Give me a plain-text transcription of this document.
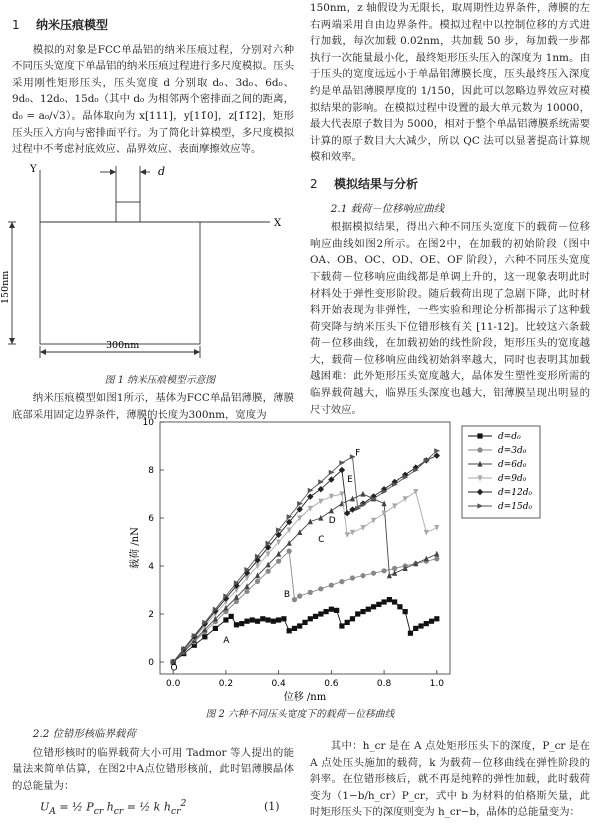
1 纳米压痕模型

模拟的对象是FCC单晶铝的纳米压痕过程，分别对六种不同压头宽度下单晶铝的纳米压痕过程进行多尺度模拟。压头采用刚性矩形压头，压头宽度 d 分别取 d₀、3d₀、6d₀、9d₀、12d₀、15d₀（其中 d₀ 为相邻两个密排面之间的距离，d₀ = a₀/√3）。晶体取向为 x[111]，y[11̄0]，z[1̄1̄2]，矩形压头压入方向与密排面平行。为了简化计算模型，多尺度模拟过程中不考虑衬底效应、晶界效应、表面摩擦效应等。

Y
X
d
150nm
300nm
图 1 纳米压痕模型示意图

纳米压痕模型如图1所示，基体为FCC单晶铝薄膜，薄膜底部采用固定边界条件，薄膜的长度为300nm，宽度为

150nm，z 轴假设为无限长，取周期性边界条件，薄膜的左右两端采用自由边界条件。模拟过程中以控制位移的方式进行加载，每次加载 0.02nm，共加载 50 步，每加载一步都执行一次能量最小化，最终矩形压头压入的深度为 1nm。由于压头的宽度远远小于单晶铝薄膜长度，压头最终压入深度约是单晶铝薄膜厚度的 1/150，因此可以忽略边界效应对模拟结果的影响。在模拟过程中设置的最大单元数为 10000，最大代表原子数目为 5000，相对于整个单晶铝薄膜系统需要计算的原子数目大大减少，所以 QC 法可以显著提高计算规模和效率。

2 模拟结果与分析
2.1 载荷－位移响应曲线

根据模拟结果，得出六种不同压头宽度下的载荷－位移响应曲线如图2所示。在图2中，在加载的初始阶段（图中 OA、OB、OC、OD、OE、OF 阶段），六种不同压头宽度下载荷－位移响应曲线都是单调上升的，这一现象表明此时材料处于弹性变形阶段。随后载荷出现了急剧下降，此时材料开始表现为非弹性，一些实验和理论分析都揭示了这种载荷突降与纳米压头下位错形核有关 [11-12]。比较这六条载荷－位移曲线，在加载初始的线性阶段，矩形压头的宽度越大，载荷－位移响应曲线初始斜率越大，同时也表明其加载越困难：此外矩形压头宽度越大，晶体发生塑性变形所需的临界载荷越大，临界压头深度也越大，铝薄膜呈现出明显的尺寸效应。

0.0	0.2	0.4	0.6	0.8	1.0
0
2
4
6
8
10
位移 /nm
载荷 /nN
O
A
B
C
D
E
F
d=d₀
d=3d₀
d=6d₀
d=9d₀
d=12d₀
d=15d₀
图 2 六种不同压头宽度下的载荷－位移曲线
2.2 位错形核临界载荷

位错形核时的临界载荷大小可用 Tadmor 等人提出的能量法来简单估算，在图2中A点位错形核前，此时铝薄膜晶体的总能量为：

$U_A$ = ½ $P_{cr}$ $h_{cr}$ = ½ k $h_{cr}^2$	(1)

其中：h_cr 是在 A 点处矩形压头下的深度，P_cr 是在 A 点处压头施加的载荷，k 为载荷－位移曲线在弹性阶段的斜率。在位错形核后，就不再是纯粹的弹性加载，此时载荷变为（1−b/h_cr）P_cr，式中 b 为材料的伯格斯矢量，此时矩形压头下的深度则变为 h_cr−b，晶体的总能量变为：
